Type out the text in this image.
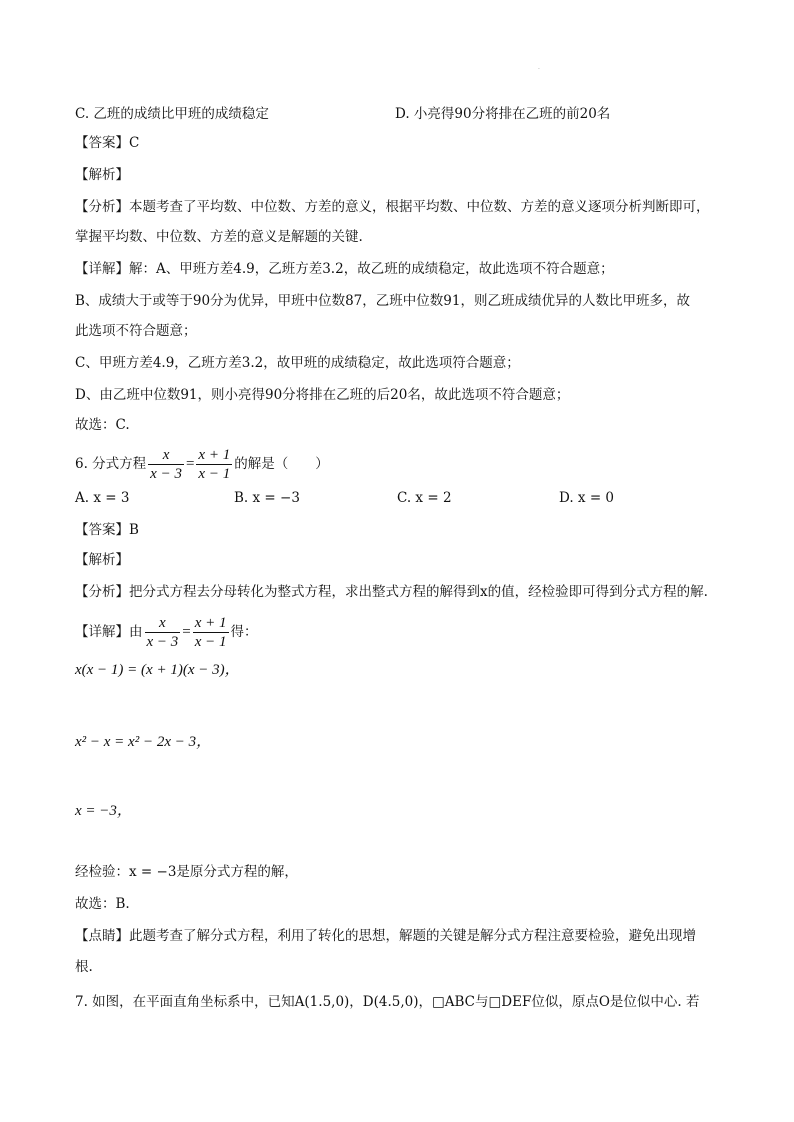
·
C. 乙班的成绩比甲班的成绩稳定	D. 小亮得90分将排在乙班的前20名
【答案】C
【解析】
【分析】本题考查了平均数、中位数、方差的意义，根据平均数、中位数、方差的意义逐项分析判断即可，
掌握平均数、中位数、方差的意义是解题的关键.
【详解】解：A、甲班方差4.9，乙班方差3.2，故乙班的成绩稳定，故此选项不符合题意；
B、成绩大于或等于90分为优异，甲班中位数87，乙班中位数91，则乙班成绩优异的人数比甲班多，故
此选项不符合题意；
C、甲班方差4.9，乙班方差3.2，故甲班的成绩稳定，故此选项符合题意；
D、由乙班中位数91，则小亮得90分将排在乙班的后20名，故此选项不符合题意；
故选：C.
6. 分式方程 $\frac{x}{x - 3} = \frac{x + 1}{x - 1}$ 的解是（　　）
A. x = 3	B. x = −3	C. x = 2	D. x = 0
【答案】B
【解析】
【分析】把分式方程去分母转化为整式方程，求出整式方程的解得到x的值，经检验即可得到分式方程的解.
【详解】由 $\frac{x}{x - 3} = \frac{x + 1}{x - 1}$ 得：
x(x − 1) = (x + 1)(x − 3)，
x² − x = x² − 2x − 3，
x = −3，
经检验：x = −3是原分式方程的解，
故选：B.
【点睛】此题考查了解分式方程，利用了转化的思想，解题的关键是解分式方程注意要检验，避免出现增
根.
7. 如图，在平面直角坐标系中，已知A(1.5,0)，D(4.5,0)，□ABC与□DEF位似，原点O是位似中心. 若
